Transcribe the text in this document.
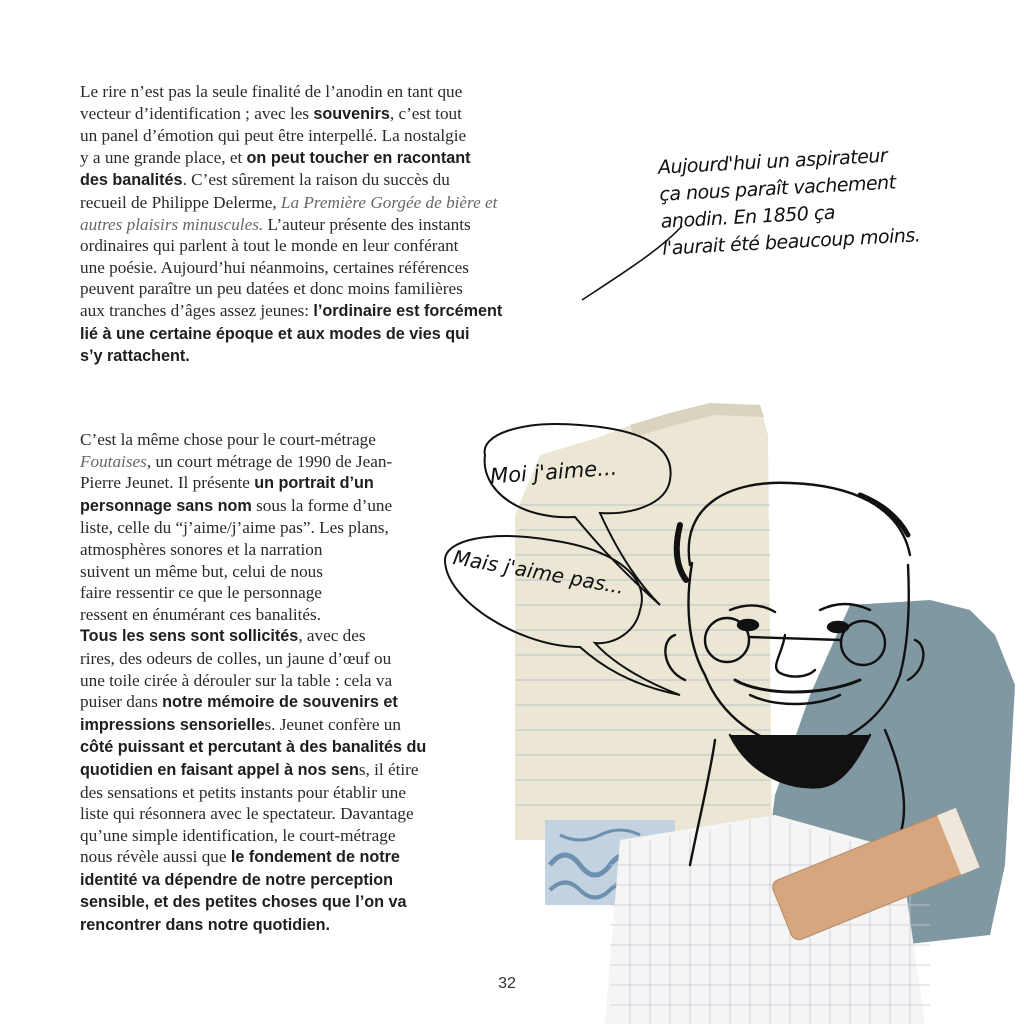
Le rire n’est pas la seule finalité de l’anodin en tant que
vecteur d’identification ; avec les souvenirs, c’est tout
un panel d’émotion qui peut être interpellé. La nostalgie
y a une grande place, et on peut toucher en racontant
des banalités. C’est sûrement la raison du succès du
recueil de Philippe Delerme, La Première Gorgée de bière et
autres plaisirs minuscules. L’auteur présente des instants
ordinaires qui parlent à tout le monde en leur conférant
une poésie. Aujourd’hui néanmoins, certaines références
peuvent paraître un peu datées et donc moins familières
aux tranches d’âges assez jeunes: l’ordinaire est forcément
lié à une certaine époque et aux modes de vies qui
s’y rattachent.
Aujourd'hui un aspirateur
ça nous paraît vachement
anodin. En 1850 ça
l'aurait été beaucoup moins.
C’est la même chose pour le court-métrage
Foutaises, un court métrage de 1990 de Jean-
Pierre Jeunet. Il présente un portrait d’un
personnage sans nom sous la forme d’une
liste, celle du “j’aime/j’aime pas”. Les plans,
atmosphères sonores et la narration
suivent un même but, celui de nous
faire ressentir ce que le personnage
ressent en énumérant ces banalités.
Tous les sens sont sollicités, avec des
rires, des odeurs de colles, un jaune d’œuf ou
une toile cirée à dérouler sur la table : cela va
puiser dans notre mémoire de souvenirs et
impressions sensorielles. Jeunet confère un
côté puissant et percutant à des banalités du
quotidien en faisant appel à nos sens, il étire
des sensations et petits instants pour établir une
liste qui résonnera avec le spectateur. Davantage
qu’une simple identification, le court-métrage
nous révèle aussi que le fondement de notre
identité va dépendre de notre perception
sensible, et des petites choses que l’on va
rencontrer dans notre quotidien.
Moi j'aime...
Mais j'aime pas...
32
